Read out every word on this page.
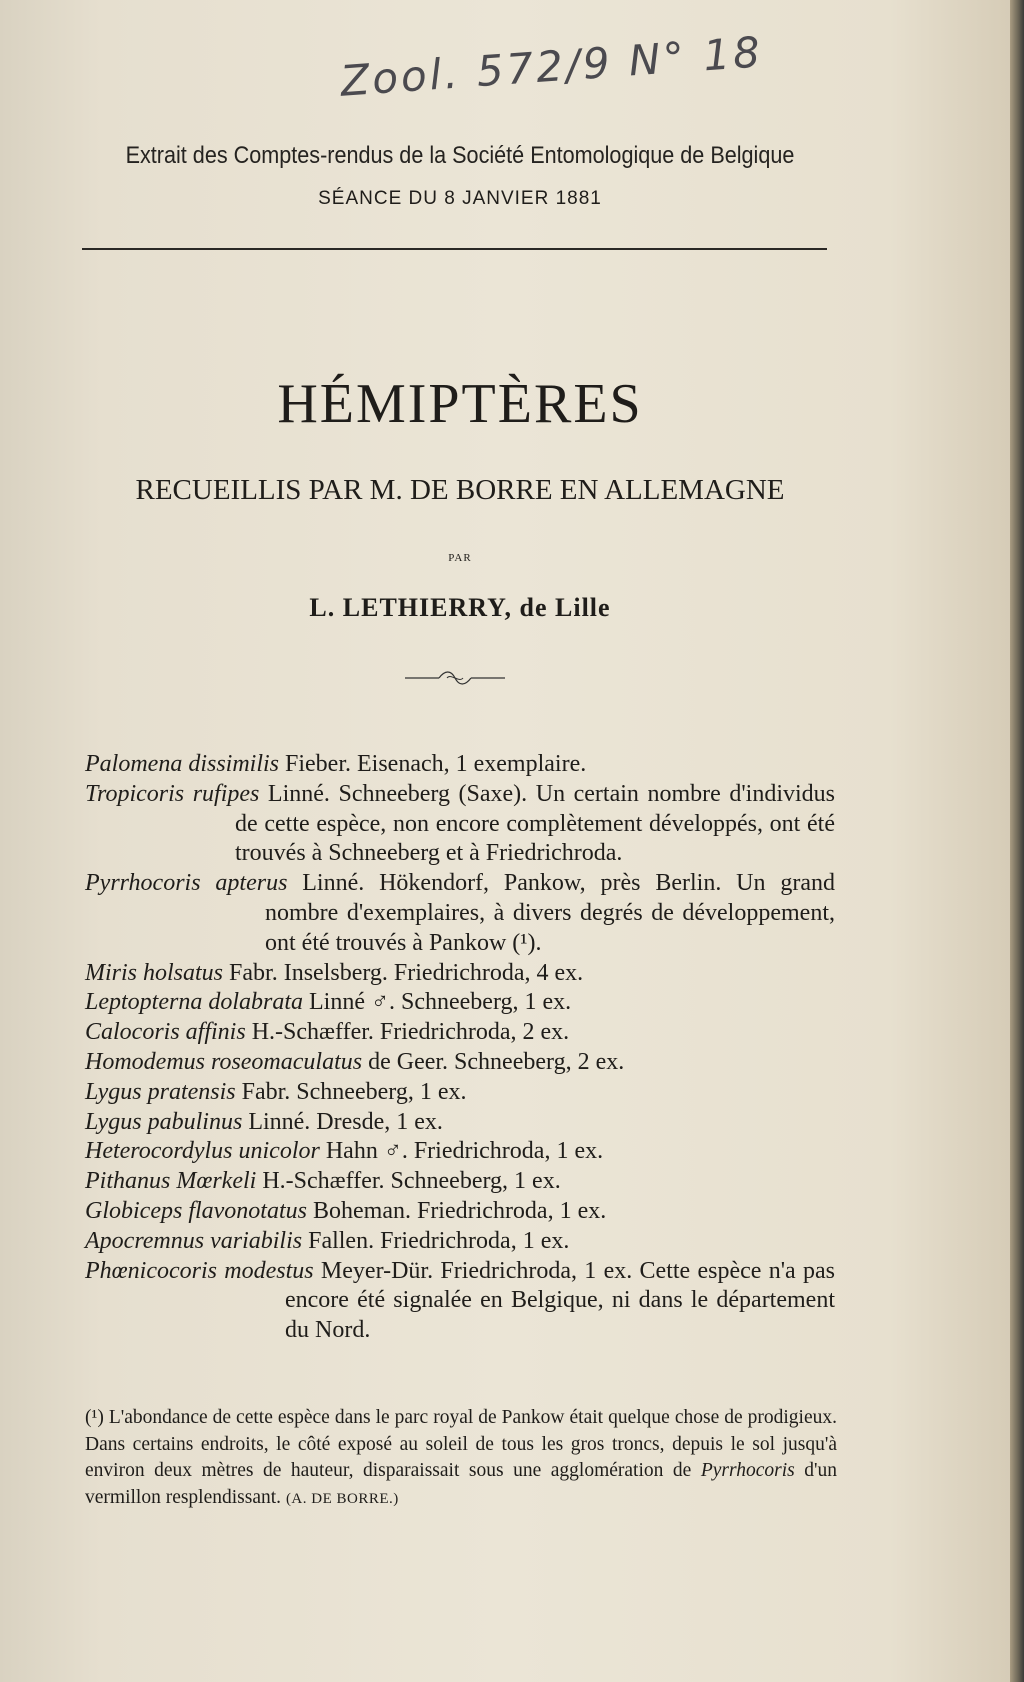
Zool. 572/9 N° 18
Extrait des Comptes-rendus de la Société Entomologique de Belgique
SÉANCE DU 8 JANVIER 1881
HÉMIPTÈRES
RECUEILLIS PAR M. DE BORRE EN ALLEMAGNE
PAR
L. LETHIERRY, de Lille
Palomena dissimilis Fieber. Eisenach, 1 exemplaire.
Tropicoris rufipes Linné. Schneeberg (Saxe). Un certain nombre d'individus de cette espèce, non encore complètement développés, ont été trouvés à Schneeberg et à Friedrichroda.
Pyrrhocoris apterus Linné. Hökendorf, Pankow, près Berlin. Un grand nombre d'exemplaires, à divers degrés de développement, ont été trouvés à Pankow (¹).
Miris holsatus Fabr. Inselsberg. Friedrichroda, 4 ex.
Leptopterna dolabrata Linné ♂. Schneeberg, 1 ex.
Calocoris affinis H.-Schæffer. Friedrichroda, 2 ex.
Homodemus roseomaculatus de Geer. Schneeberg, 2 ex.
Lygus pratensis Fabr. Schneeberg, 1 ex.
Lygus pabulinus Linné. Dresde, 1 ex.
Heterocordylus unicolor Hahn ♂. Friedrichroda, 1 ex.
Pithanus Mœrkeli H.-Schæffer. Schneeberg, 1 ex.
Globiceps flavonotatus Boheman. Friedrichroda, 1 ex.
Apocremnus variabilis Fallen. Friedrichroda, 1 ex.
Phœnicocoris modestus Meyer-Dür. Friedrichroda, 1 ex. Cette espèce n'a pas encore été signalée en Belgique, ni dans le département du Nord.
(¹) L'abondance de cette espèce dans le parc royal de Pankow était quelque chose de prodigieux. Dans certains endroits, le côté exposé au soleil de tous les gros troncs, depuis le sol jusqu'à environ deux mètres de hauteur, disparaissait sous une agglomération de Pyrrhocoris d'un vermillon resplendissant. (A. DE BORRE.)
